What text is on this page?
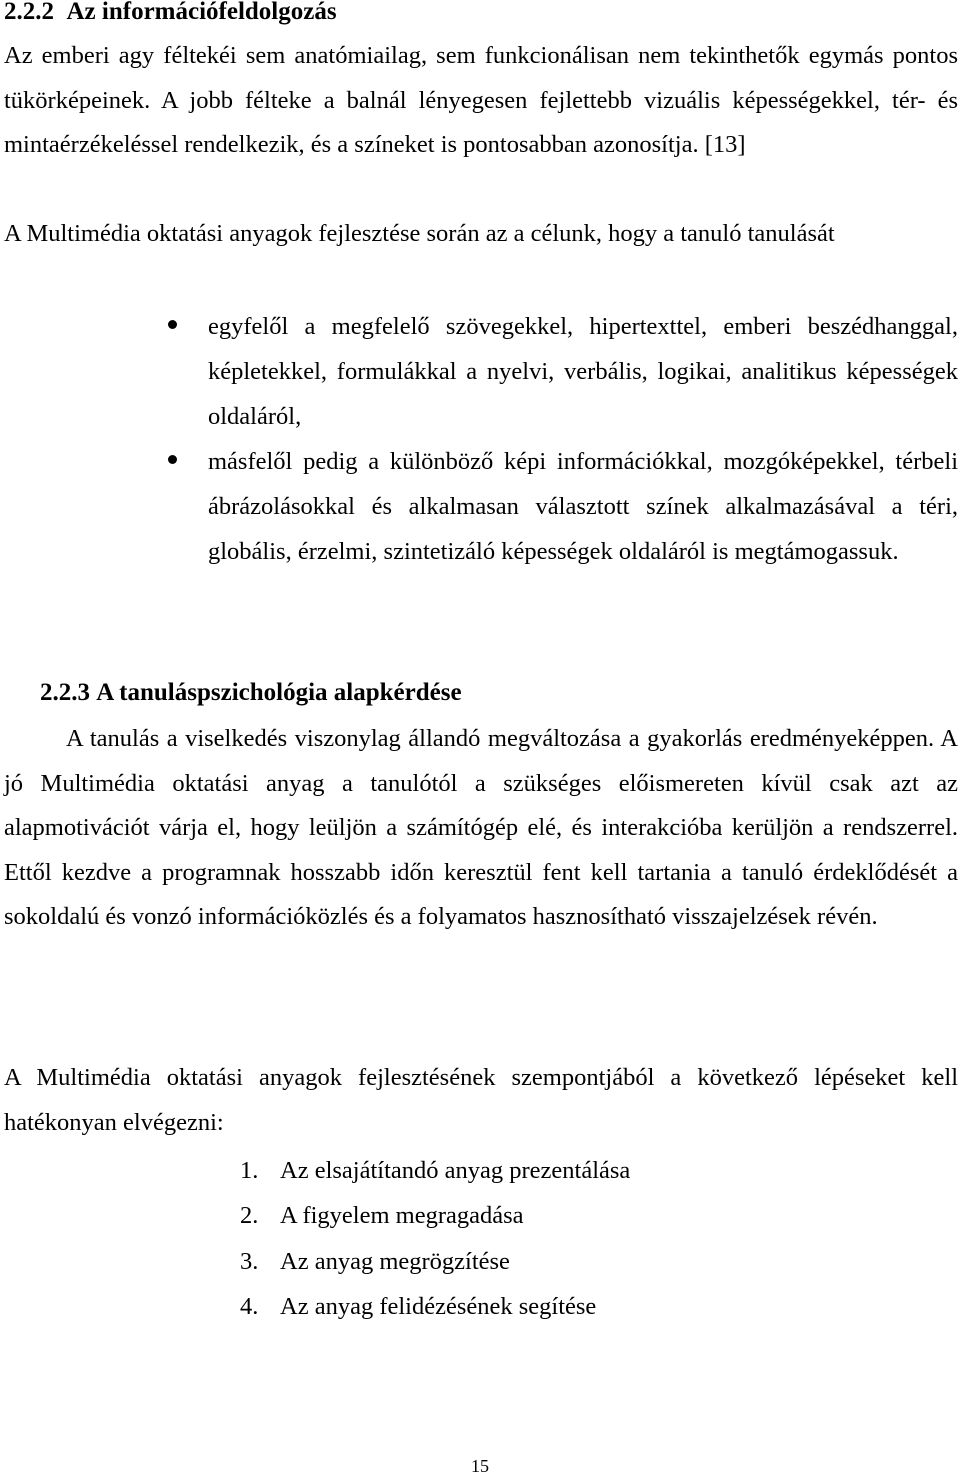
2.2.2 Az információfeldolgozás

Az emberi agy féltekéi sem anatómiailag, sem funkcionálisan nem tekinthetők egymás pontos tükörképeinek. A jobb félteke a balnál lényegesen fejlettebb vizuális képességekkel, tér- és mintaérzékeléssel rendelkezik, és a színeket is pontosabban azonosítja. [13]

A Multimédia oktatási anyagok fejlesztése során az a célunk, hogy a tanuló tanulását

egyfelől a megfelelő szövegekkel, hipertexttel, emberi beszédhanggal, képletekkel, formulákkal a nyelvi, verbális, logikai, analitikus képességek oldaláról,
másfelől pedig a különböző képi információkkal, mozgóképekkel, térbeli ábrázolásokkal és alkalmasan választott színek alkalmazásával a téri, globális, érzelmi, szintetizáló képességek oldaláról is megtámogassuk.
2.2.3 A tanuláspszichológia alapkérdése

A tanulás a viselkedés viszonylag állandó megváltozása a gyakorlás eredményeképpen. A jó Multimédia oktatási anyag a tanulótól a szükséges előismereten kívül csak azt az alapmotivációt várja el, hogy leüljön a számítógép elé, és interakcióba kerüljön a rendszerrel. Ettől kezdve a programnak hosszabb időn keresztül fent kell tartania a tanuló érdeklődését a sokoldalú és vonzó információközlés és a folyamatos hasznosítható visszajelzések révén.

A Multimédia oktatási anyagok fejlesztésének szempontjából a következő lépéseket kell hatékonyan elvégezni:

1. Az elsajátítandó anyag prezentálása
2. A figyelem megragadása
3. Az anyag megrögzítése
4. Az anyag felidézésének segítése
15
